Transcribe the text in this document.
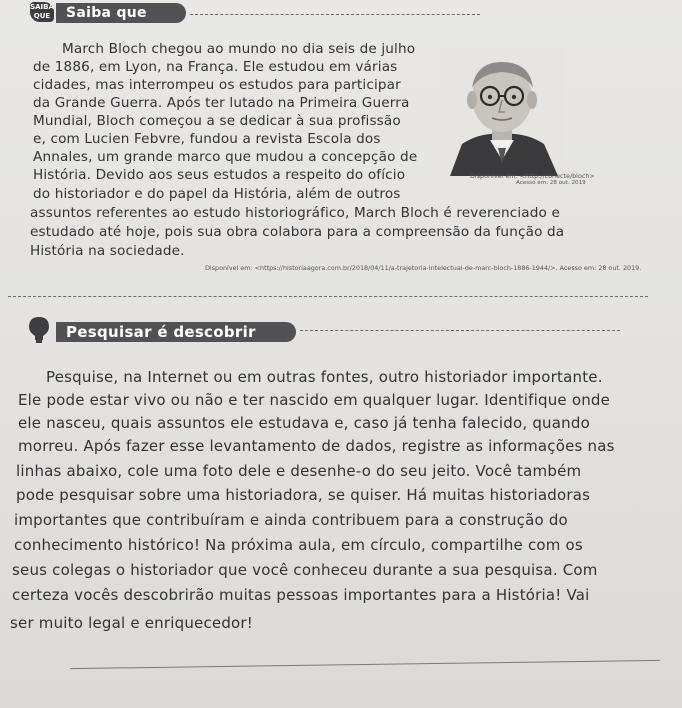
SAIBA QUE	Saiba que
March Bloch chegou ao mundo no dia seis de julho
de 1886, em Lyon, na França. Ele estudou em várias
cidades, mas interrompeu os estudos para participar
da Grande Guerra. Após ter lutado na Primeira Guerra
Mundial, Bloch começou a se dedicar à sua profissão
e, com Lucien Febvre, fundou a revista Escola dos
Annales, um grande marco que mudou a concepção de
História. Devido aos seus estudos a respeito do ofício
do historiador e do papel da História, além de outros
assuntos referentes ao estudo historiográfico, March Bloch é reverenciado e
estudado até hoje, pois sua obra colabora para a compreensão da função da
História na sociedade.
Disponível em: <http://conecte/bloch>
Acesso em: 28 out. 2019
Disponível em: <https://historiaagora.com.br/2018/04/11/a-trajetoria-intelectual-de-marc-bloch-1886-1944/>. Acesso em: 28 out. 2019.
Pesquisar é descobrir
Pesquise, na Internet ou em outras fontes, outro historiador importante.
Ele pode estar vivo ou não e ter nascido em qualquer lugar. Identifique onde
ele nasceu, quais assuntos ele estudava e, caso já tenha falecido, quando
morreu. Após fazer esse levantamento de dados, registre as informações nas
linhas abaixo, cole uma foto dele e desenhe-o do seu jeito. Você também
pode pesquisar sobre uma historiadora, se quiser. Há muitas historiadoras
importantes que contribuíram e ainda contribuem para a construção do
conhecimento histórico! Na próxima aula, em círculo, compartilhe com os
seus colegas o historiador que você conheceu durante a sua pesquisa. Com
certeza vocês descobrirão muitas pessoas importantes para a História! Vai
ser muito legal e enriquecedor!
